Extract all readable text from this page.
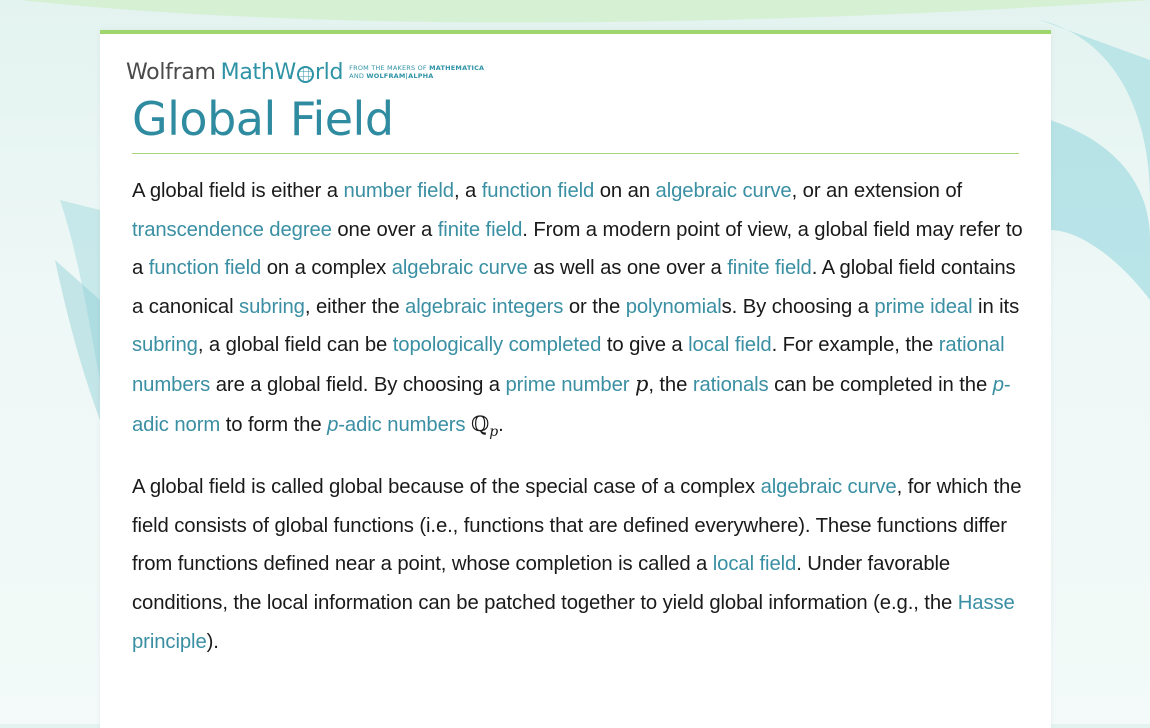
Wolfram MathW rld FROM THE MAKERS OF MATHEMATICA
AND WOLFRAM|ALPHA
Global Field

A global field is either a number field, a function field on an algebraic curve, or an extension of transcendence degree one over a finite field. From a modern point of view, a global field may refer to a function field on a complex algebraic curve as well as one over a finite field. A global field contains a canonical subring, either the algebraic integers or the polynomials. By choosing a prime ideal in its subring, a global field can be topologically completed to give a local field. For example, the rational numbers are a global field. By choosing a prime number p, the rationals can be completed in the p-adic norm to form the p-adic numbers ℚ$_p$.

A global field is called global because of the special case of a complex algebraic curve, for which the field consists of global functions (i.e., functions that are defined everywhere). These functions differ from functions defined near a point, whose completion is called a local field. Under favorable conditions, the local information can be patched together to yield global information (e.g., the Hasse principle).
